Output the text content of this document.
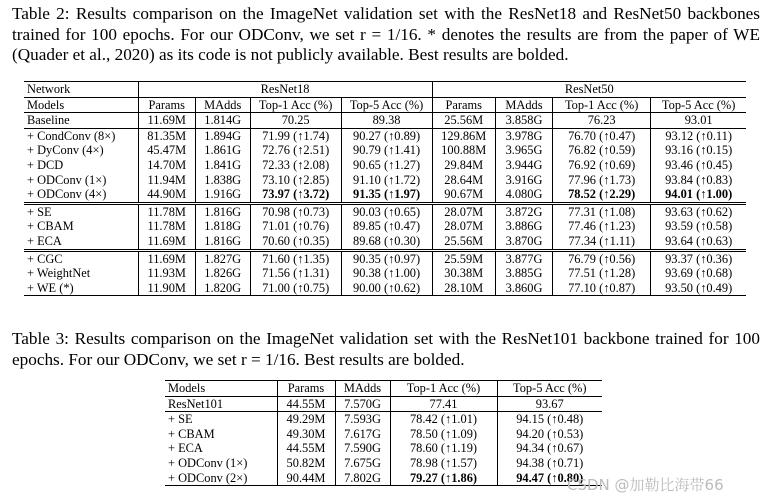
Table 2: Results comparison on the ImageNet validation set with the ResNet18 and ResNet50 backbones trained for 100 epochs. For our ODConv, we set r = 1/16. * denotes the results are from the paper of WE (Quader et al., 2020) as its code is not publicly available. Best results are bolded.
Network	ResNet18				ResNet50			
Models	Params	MAdds	Top-1 Acc (%)	Top-5 Acc (%)	Params	MAdds	Top-1 Acc (%)	Top-5 Acc (%)
Baseline	11.69M	1.814G	70.25	89.38	25.56M	3.858G	76.23	93.01
+ CondConv (8×)	81.35M	1.894G	71.99 (↑1.74)	90.27 (↑0.89)	129.86M	3.978G	76.70 (↑0.47)	93.12 (↑0.11)
+ DyConv (4×)	45.47M	1.861G	72.76 (↑2.51)	90.79 (↑1.41)	100.88M	3.965G	76.82 (↑0.59)	93.16 (↑0.15)
+ DCD	14.70M	1.841G	72.33 (↑2.08)	90.65 (↑1.27)	29.84M	3.944G	76.92 (↑0.69)	93.46 (↑0.45)
+ ODConv (1×)	11.94M	1.838G	73.10 (↑2.85)	91.10 (↑1.72)	28.64M	3.916G	77.96 (↑1.73)	93.84 (↑0.83)
+ ODConv (4×)	44.90M	1.916G	73.97 (↑3.72)	91.35 (↑1.97)	90.67M	4.080G	78.52 (↑2.29)	94.01 (↑1.00)
+ SE	11.78M	1.816G	70.98 (↑0.73)	90.03 (↑0.65)	28.07M	3.872G	77.31 (↑1.08)	93.63 (↑0.62)
+ CBAM	11.78M	1.818G	71.01 (↑0.76)	89.85 (↑0.47)	28.07M	3.886G	77.46 (↑1.23)	93.59 (↑0.58)
+ ECA	11.69M	1.816G	70.60 (↑0.35)	89.68 (↑0.30)	25.56M	3.870G	77.34 (↑1.11)	93.64 (↑0.63)
+ CGC	11.69M	1.827G	71.60 (↑1.35)	90.35 (↑0.97)	25.59M	3.877G	76.79 (↑0.56)	93.37 (↑0.36)
+ WeightNet	11.93M	1.826G	71.56 (↑1.31)	90.38 (↑1.00)	30.38M	3.885G	77.51 (↑1.28)	93.69 (↑0.68)
+ WE (*)	11.90M	1.820G	71.00 (↑0.75)	90.00 (↑0.62)	28.10M	3.860G	77.10 (↑0.87)	93.50 (↑0.49)
Table 3: Results comparison on the ImageNet validation set with the ResNet101 backbone trained for 100 epochs. For our ODConv, we set r = 1/16. Best results are bolded.
Models	Params	MAdds	Top-1 Acc (%)	Top-5 Acc (%)
ResNet101	44.55M	7.570G	77.41	93.67
+ SE	49.29M	7.593G	78.42 (↑1.01)	94.15 (↑0.48)
+ CBAM	49.30M	7.617G	78.50 (↑1.09)	94.20 (↑0.53)
+ ECA	44.55M	7.590G	78.60 (↑1.19)	94.34 (↑0.67)
+ ODConv (1×)	50.82M	7.675G	78.98 (↑1.57)	94.38 (↑0.71)
+ ODConv (2×)	90.44M	7.802G	79.27 (↑1.86)	94.47 (↑0.80)
CSDN @加勒比海带66
